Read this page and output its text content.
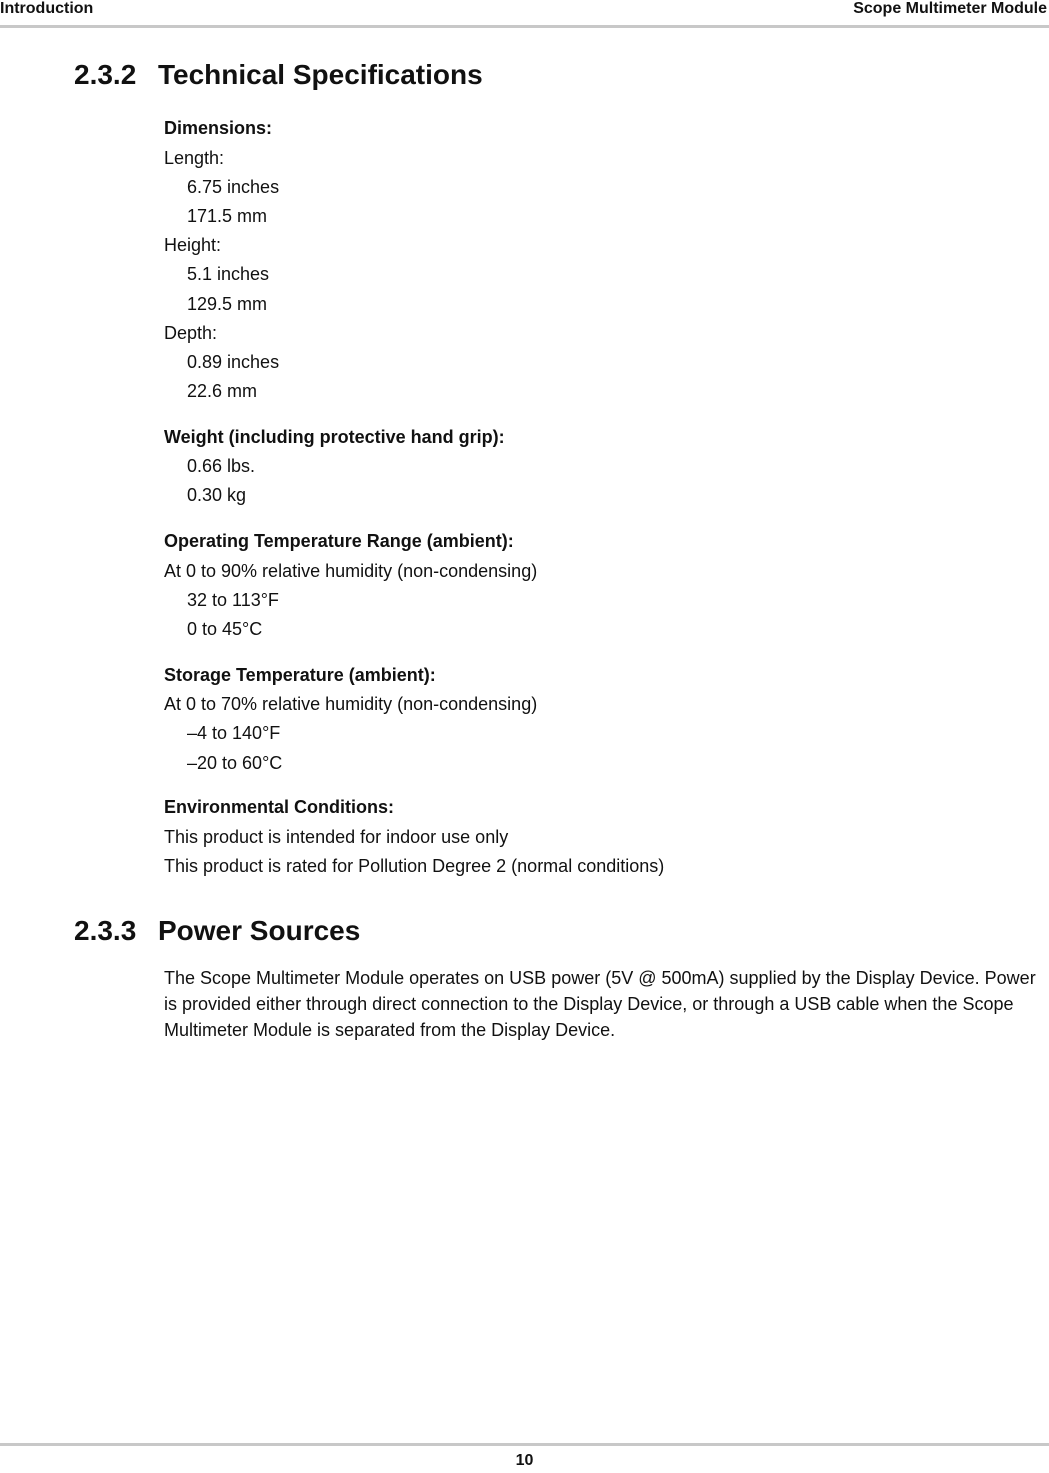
Introduction	Scope Multimeter Module
2.3.2 Technical Specifications
Dimensions:
Length:
6.75 inches
171.5 mm
Height:
5.1 inches
129.5 mm
Depth:
0.89 inches
22.6 mm
Weight (including protective hand grip):
0.66 lbs.
0.30 kg
Operating Temperature Range (ambient):
At 0 to 90% relative humidity (non-condensing)
32 to 113°F
0 to 45°C
Storage Temperature (ambient):
At 0 to 70% relative humidity (non-condensing)
–4 to 140°F
–20 to 60°C
Environmental Conditions:
This product is intended for indoor use only
This product is rated for Pollution Degree 2 (normal conditions)
2.3.3 Power Sources
The Scope Multimeter Module operates on USB power (5V @ 500mA) supplied by the Display Device. Power is provided either through direct connection to the Display Device, or through a USB cable when the Scope Multimeter Module is separated from the Display Device.
10
